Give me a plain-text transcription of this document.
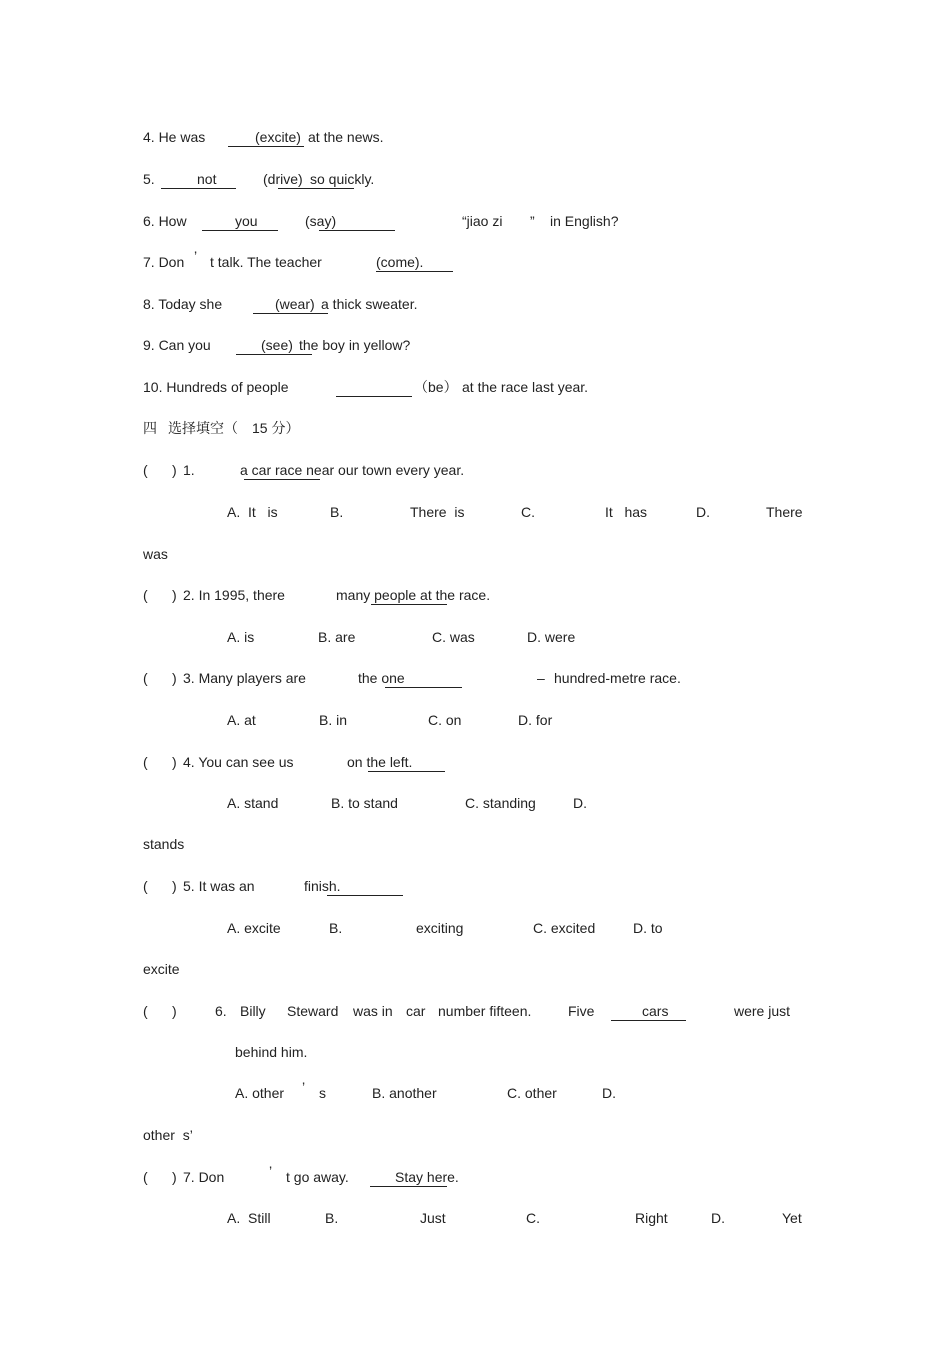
4. He was	(excite) at the news.
5.	not	(drive) so quickly.
6. How	you	(say)	“jiao zi ” in English?
7. Don ’ t talk. The teacher	(come).
8. Today she	(wear) a thick sweater.
9. Can you	(see) the boy in yellow?
10. Hundreds of people	（be） at the race last year.
四 选择填空（ 15 分）
( ) 1.	a car race near our town every year.
A.  It   is	B.	There  is	C.	It   has	D.	There
was
( ) 2. In 1995, there	many people at the race.
A. is	B. are	C. was	D. were
( ) 3. Many players are	the one	– hundred-metre race.
A. at	B. in	C. on	D. for
( ) 4. You can see us	on the left.
A. stand	B. to stand	C. standing	D.
stands
( ) 5. It was an	finish.
A. excite	B.	exciting	C. excited	D. to
excite
( )	6. Billy Steward was in car number fifteen.	Five	cars	were just
behind him.
A. other ’ s	B. another	C. other	D.
other  s’
( ) 7. Don	’ t go away.	Stay here.
A.  Still	B.	Just	C.	Right	D.	Yet
